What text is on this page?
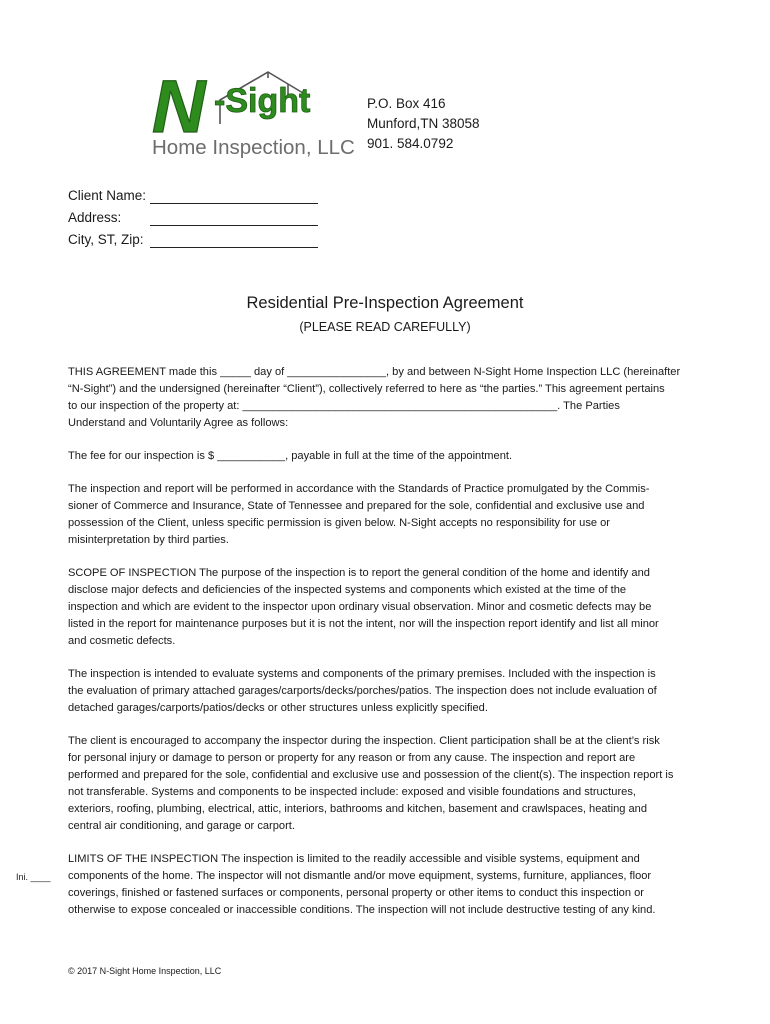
N -Sight
Home Inspection, LLC
P.O. Box 416
Munford,TN 38058
901. 584.0792
Client Name:
Address:
City, ST, Zip:
Residential Pre-Inspection Agreement
(PLEASE READ CAREFULLY)
THIS AGREEMENT made this _____ day of ________________, by and between N-Sight Home Inspection LLC (hereinafter
“N-Sight”) and the undersigned (hereinafter “Client”), collectively referred to here as “the parties.” This agreement pertains
to our inspection of the property at: ___________________________________________________. The Parties
Understand and Voluntarily Agree as follows:
The fee for our inspection is $ ___________, payable in full at the time of the appointment.
The inspection and report will be performed in accordance with the Standards of Practice promulgated by the Commis-
sioner of Commerce and Insurance, State of Tennessee and prepared for the sole, confidential and exclusive use and
possession of the Client, unless specific permission is given below. N-Sight accepts no responsibility for use or
misinterpretation by third parties.
SCOPE OF INSPECTION The purpose of the inspection is to report the general condition of the home and identify and
disclose major defects and deficiencies of the inspected systems and components which existed at the time of the
inspection and which are evident to the inspector upon ordinary visual observation. Minor and cosmetic defects may be
listed in the report for maintenance purposes but it is not the intent, nor will the inspection report identify and list all minor
and cosmetic defects.
The inspection is intended to evaluate systems and components of the primary premises. Included with the inspection is
the evaluation of primary attached garages/carports/decks/porches/patios. The inspection does not include evaluation of
detached garages/carports/patios/decks or other structures unless explicitly specified.
The client is encouraged to accompany the inspector during the inspection. Client participation shall be at the client’s risk
for personal injury or damage to person or property for any reason or from any cause. The inspection and report are
performed and prepared for the sole, confidential and exclusive use and possession of the client(s). The inspection report is
not transferable. Systems and components to be inspected include: exposed and visible foundations and structures,
exteriors, roofing, plumbing, electrical, attic, interiors, bathrooms and kitchen, basement and crawlspaces, heating and
central air conditioning, and garage or carport.
LIMITS OF THE INSPECTION The inspection is limited to the readily accessible and visible systems, equipment and
components of the home. The inspector will not dismantle and/or move equipment, systems, furniture, appliances, floor
coverings, finished or fastened surfaces or components, personal property or other items to conduct this inspection or
otherwise to expose concealed or inaccessible conditions. The inspection will not include destructive testing of any kind.
Ini. ____
© 2017 N-Sight Home Inspection, LLC
